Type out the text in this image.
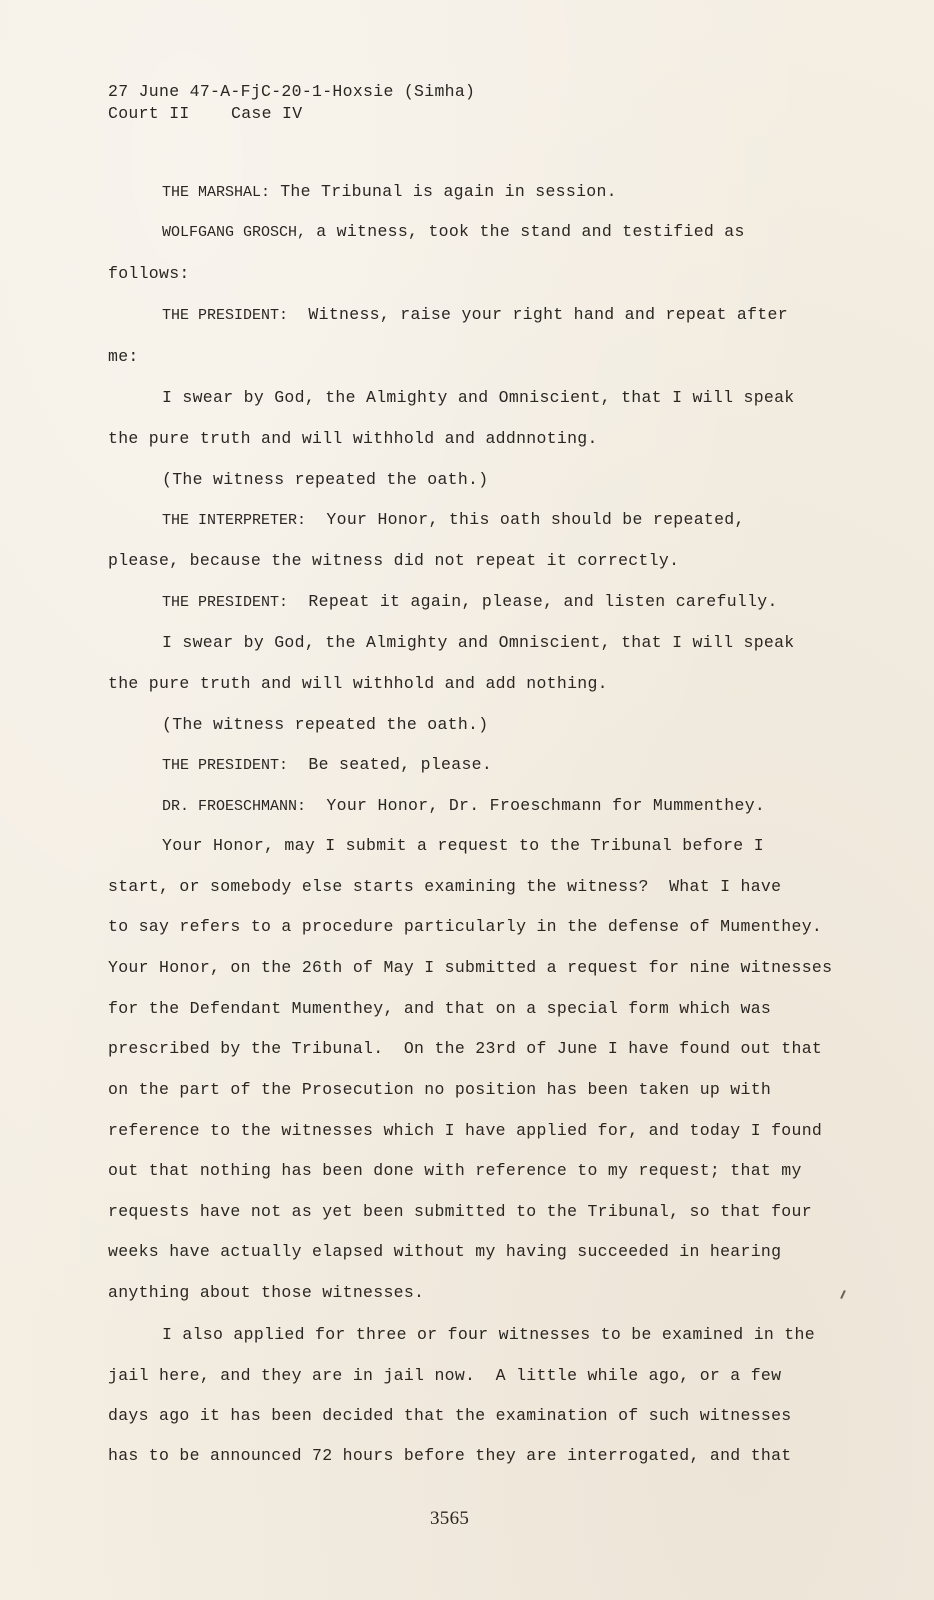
27 June 47-A-FjC-20-1-Hoxsie (Simha)
Court II	Case IV
THE MARSHAL: The Tribunal is again in session.
WOLFGANG GROSCH, a witness, took the stand and testified as
follows:
THE PRESIDENT:  Witness, raise your right hand and repeat after
me:
I swear by God, the Almighty and Omniscient, that I will speak
the pure truth and will withhold and addnnoting.
(The witness repeated the oath.)
THE INTERPRETER:  Your Honor, this oath should be repeated,
please, because the witness did not repeat it correctly.
THE PRESIDENT:  Repeat it again, please, and listen carefully.
I swear by God, the Almighty and Omniscient, that I will speak
the pure truth and will withhold and add nothing.
(The witness repeated the oath.)
THE PRESIDENT:  Be seated, please.
DR. FROESCHMANN:  Your Honor, Dr. Froeschmann for Mummenthey.
Your Honor, may I submit a request to the Tribunal before I
start, or somebody else starts examining the witness?  What I have
to say refers to a procedure particularly in the defense of Mumenthey.
Your Honor, on the 26th of May I submitted a request for nine witnesses
for the Defendant Mumenthey, and that on a special form which was
prescribed by the Tribunal.  On the 23rd of June I have found out that
on the part of the Prosecution no position has been taken up with
reference to the witnesses which I have applied for, and today I found
out that nothing has been done with reference to my request; that my
requests have not as yet been submitted to the Tribunal, so that four
weeks have actually elapsed without my having succeeded in hearing
anything about those witnesses.
I also applied for three or four witnesses to be examined in the
jail here, and they are in jail now.  A little while ago, or a few
days ago it has been decided that the examination of such witnesses
has to be announced 72 hours before they are interrogated, and that
3565
